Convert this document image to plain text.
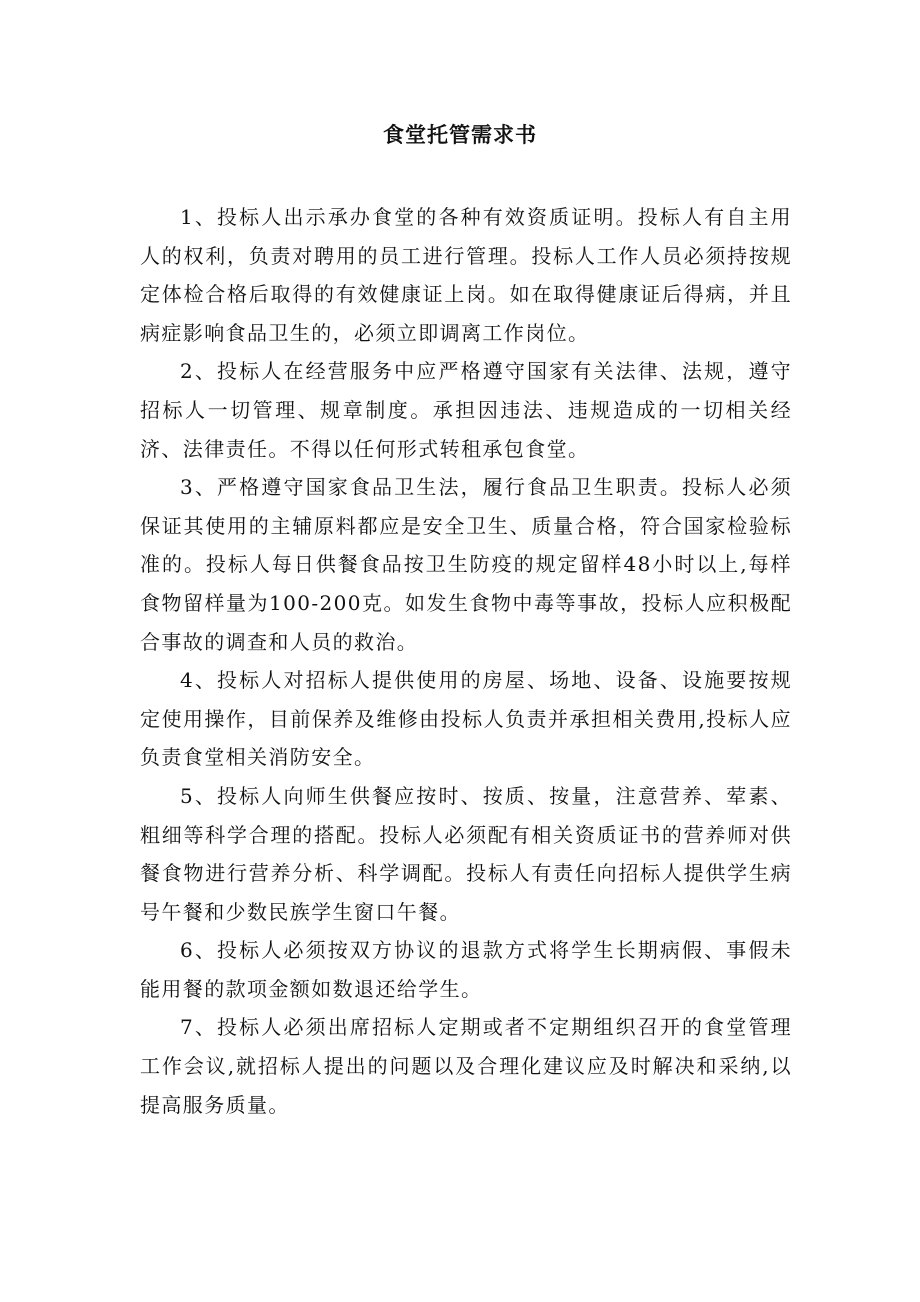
食堂托管需求书

1、投标人出示承办食堂的各种有效资质证明。投标人有自主用人的权利，负责对聘用的员工进行管理。投标人工作人员必须持按规定体检合格后取得的有效健康证上岗。如在取得健康证后得病，并且病症影响食品卫生的，必须立即调离工作岗位。

2、投标人在经营服务中应严格遵守国家有关法律、法规，遵守招标人一切管理、规章制度。承担因违法、违规造成的一切相关经济、法律责任。不得以任何形式转租承包食堂。

3、严格遵守国家食品卫生法，履行食品卫生职责。投标人必须保证其使用的主辅原料都应是安全卫生、质量合格，符合国家检验标准的。投标人每日供餐食品按卫生防疫的规定留样48小时以上,每样食物留样量为100-200克。如发生食物中毒等事故，投标人应积极配合事故的调查和人员的救治。

4、投标人对招标人提供使用的房屋、场地、设备、设施要按规定使用操作，目前保养及维修由投标人负责并承担相关费用,投标人应负责食堂相关消防安全。

5、投标人向师生供餐应按时、按质、按量，注意营养、荤素、粗细等科学合理的搭配。投标人必须配有相关资质证书的营养师对供餐食物进行营养分析、科学调配。投标人有责任向招标人提供学生病号午餐和少数民族学生窗口午餐。

6、投标人必须按双方协议的退款方式将学生长期病假、事假未能用餐的款项金额如数退还给学生。

7、投标人必须出席招标人定期或者不定期组织召开的食堂管理工作会议,就招标人提出的问题以及合理化建议应及时解决和采纳,以提高服务质量。
